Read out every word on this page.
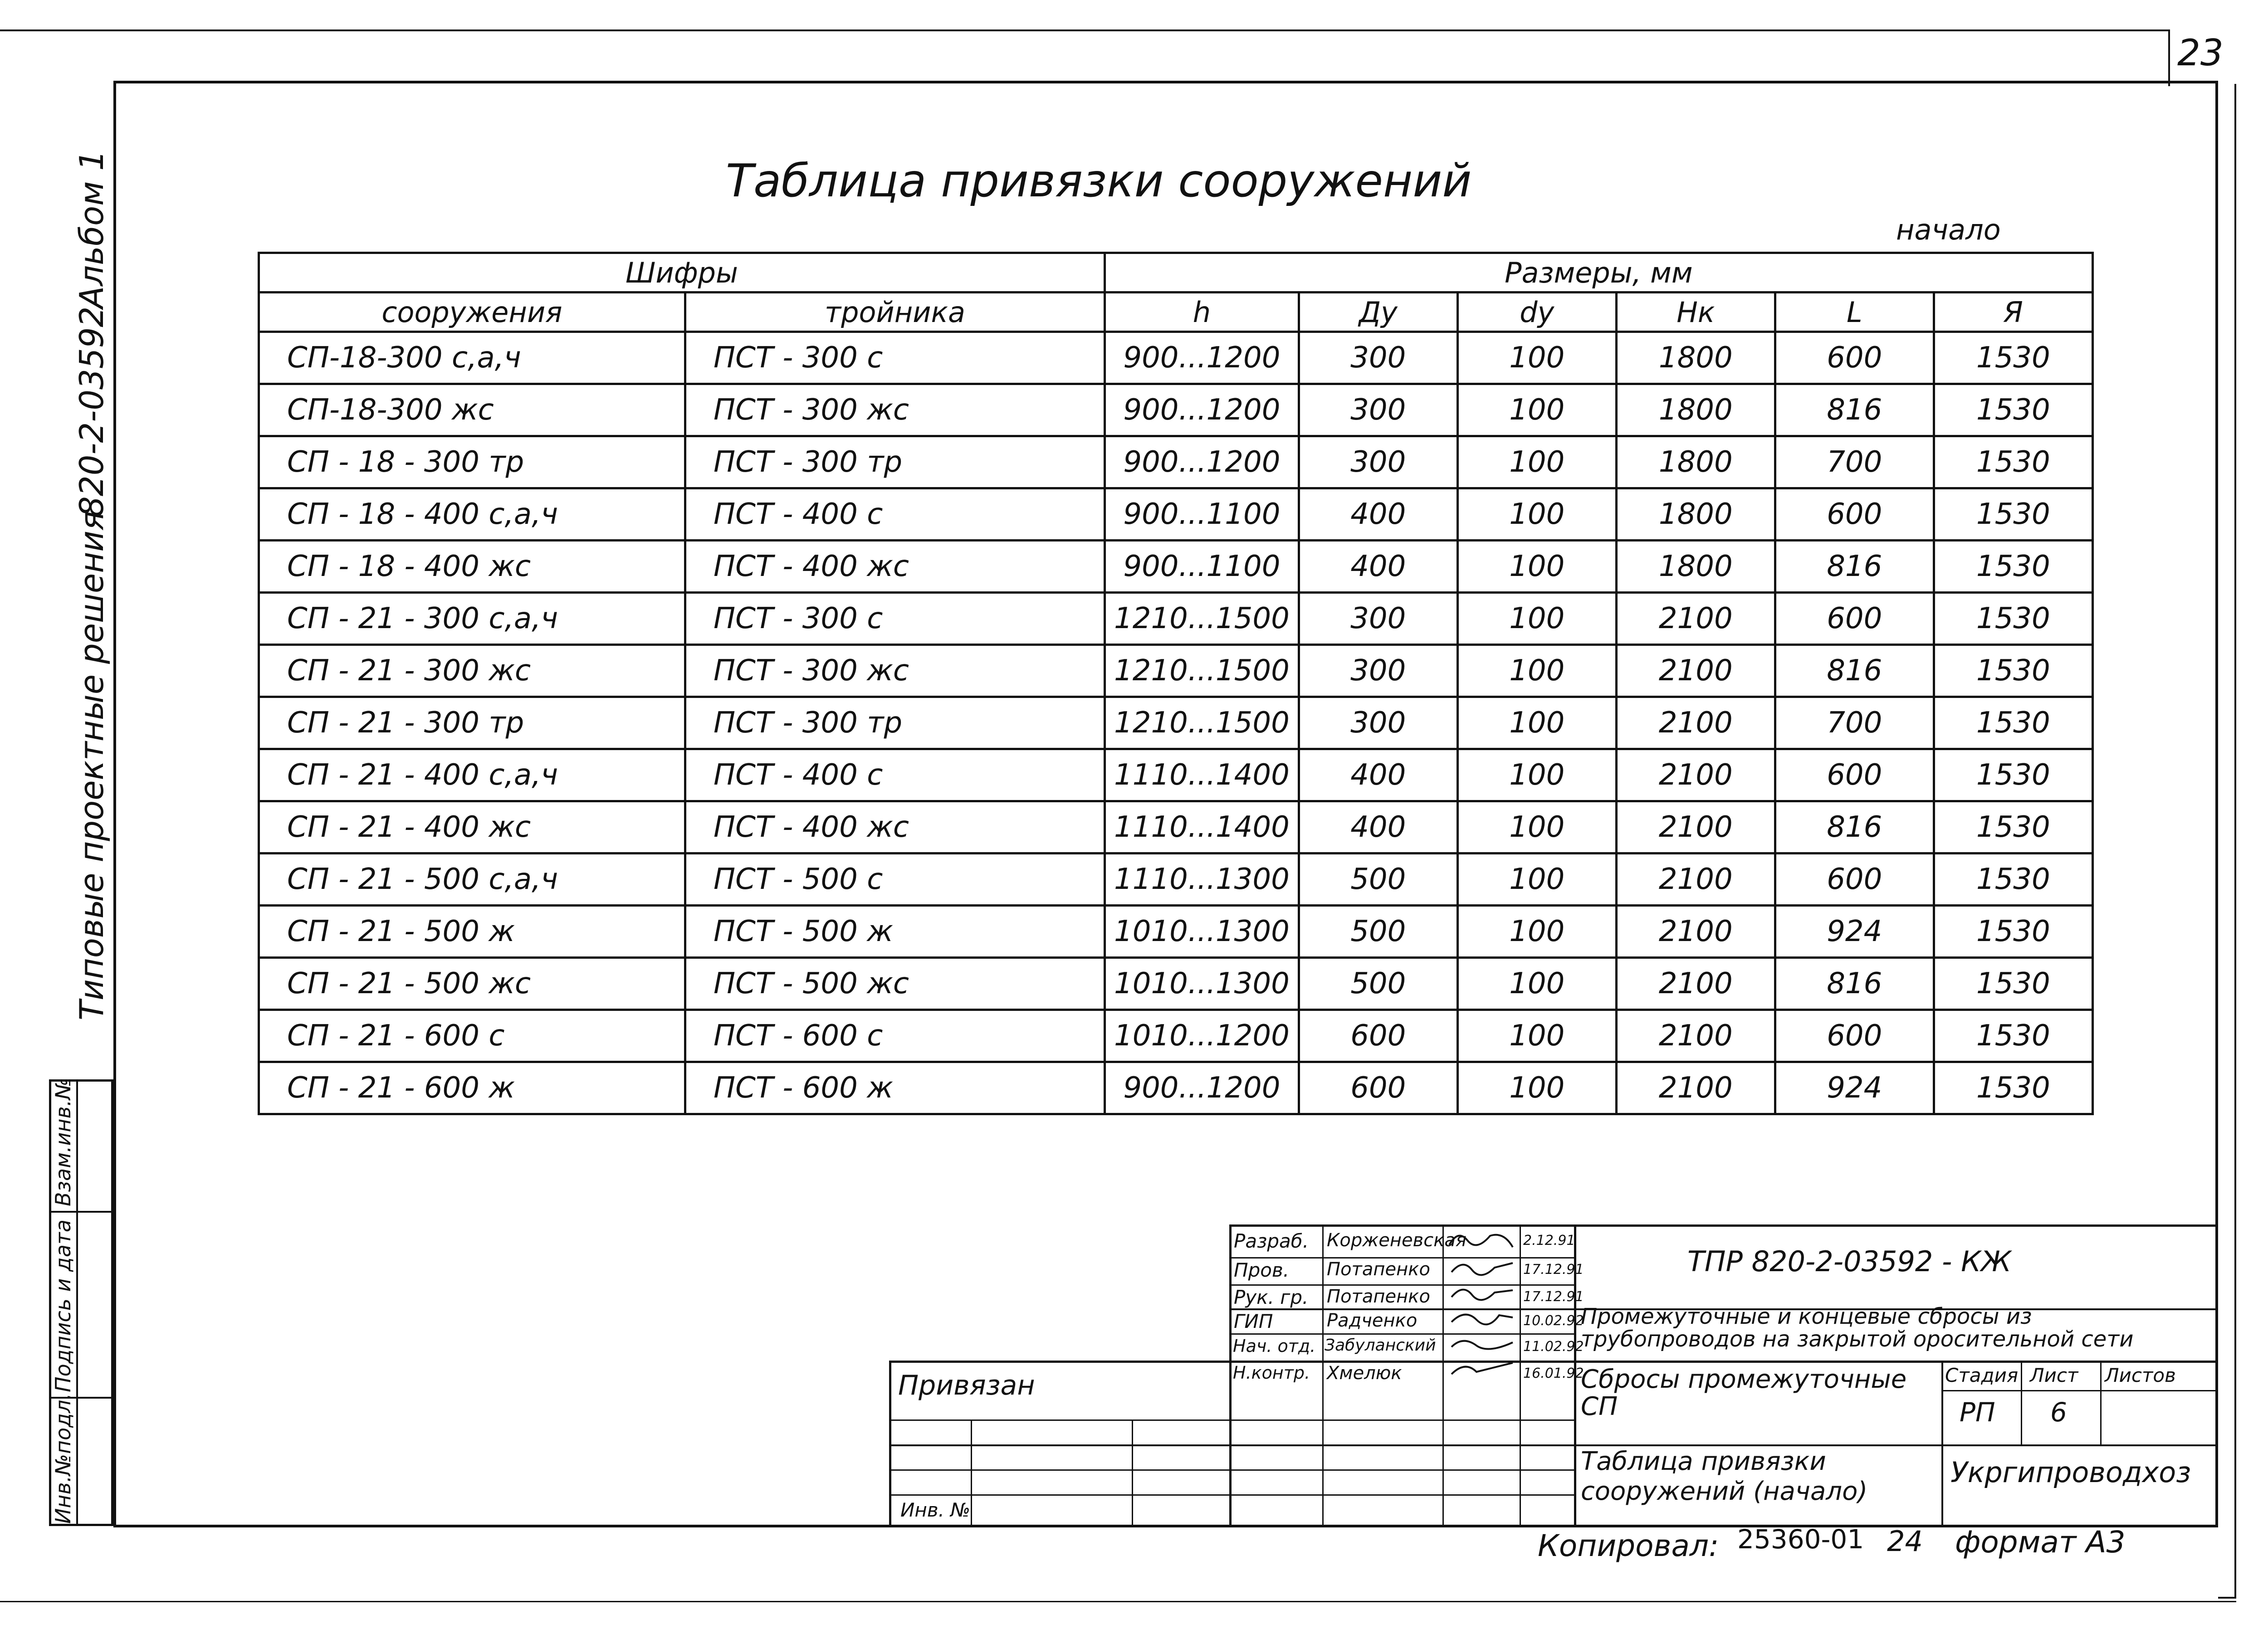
23
Типовые проектные решения
820-2-03592
Альбом 1
Взам.инв.№
Подпись и дата
Инв.№подл.
Таблица привязки сооружений
начало
Шифры		Размеры, мм					
сооружения	тройника	h	Ду	dy	Нк	L	Я
СП-18-300 с,а,ч	ПСТ - 300 с	900...1200	300	100	1800	600	1530
СП-18-300 жс	ПСТ - 300 жс	900...1200	300	100	1800	816	1530
СП - 18 - 300 тр	ПСТ - 300 тр	900...1200	300	100	1800	700	1530
СП - 18 - 400 с,а,ч	ПСТ - 400 с	900...1100	400	100	1800	600	1530
СП - 18 - 400 жс	ПСТ - 400 жс	900...1100	400	100	1800	816	1530
СП - 21 - 300 с,а,ч	ПСТ - 300 с	1210...1500	300	100	2100	600	1530
СП - 21 - 300 жс	ПСТ - 300 жс	1210...1500	300	100	2100	816	1530
СП - 21 - 300 тр	ПСТ - 300 тр	1210...1500	300	100	2100	700	1530
СП - 21 - 400 с,а,ч	ПСТ - 400 с	1110...1400	400	100	2100	600	1530
СП - 21 - 400 жс	ПСТ - 400 жс	1110...1400	400	100	2100	816	1530
СП - 21 - 500 с,а,ч	ПСТ - 500 с	1110...1300	500	100	2100	600	1530
СП - 21 - 500 ж	ПСТ - 500 ж	1010...1300	500	100	2100	924	1530
СП - 21 - 500 жс	ПСТ - 500 жс	1010...1300	500	100	2100	816	1530
СП - 21 - 600 с	ПСТ - 600 с	1010...1200	600	100	2100	600	1530
СП - 21 - 600 ж	ПСТ - 600 ж	900...1200	600	100	2100	924	1530
Разраб. Корженевская	2.12.91
Пров. Потапенко	17.12.91
Рук. гр. Потапенко	17.12.91
ГИП	Радченко	10.02.92
Нач. отд. Забуланский	11.02.92
Н.контр. Хмелюк	16.01.92
ТПР 820-2-03592 - КЖ
Промежуточные и концевые сбросы из трубопроводов на закрытой оросительной сети
Сбросы промежуточные СП
Стадия Лист Листов
РП 6
Таблица привязки сооружений (начало)
Укргипроводхоз
Привязан
Инв. №
Копировал: 25360-01 24 формат А3
